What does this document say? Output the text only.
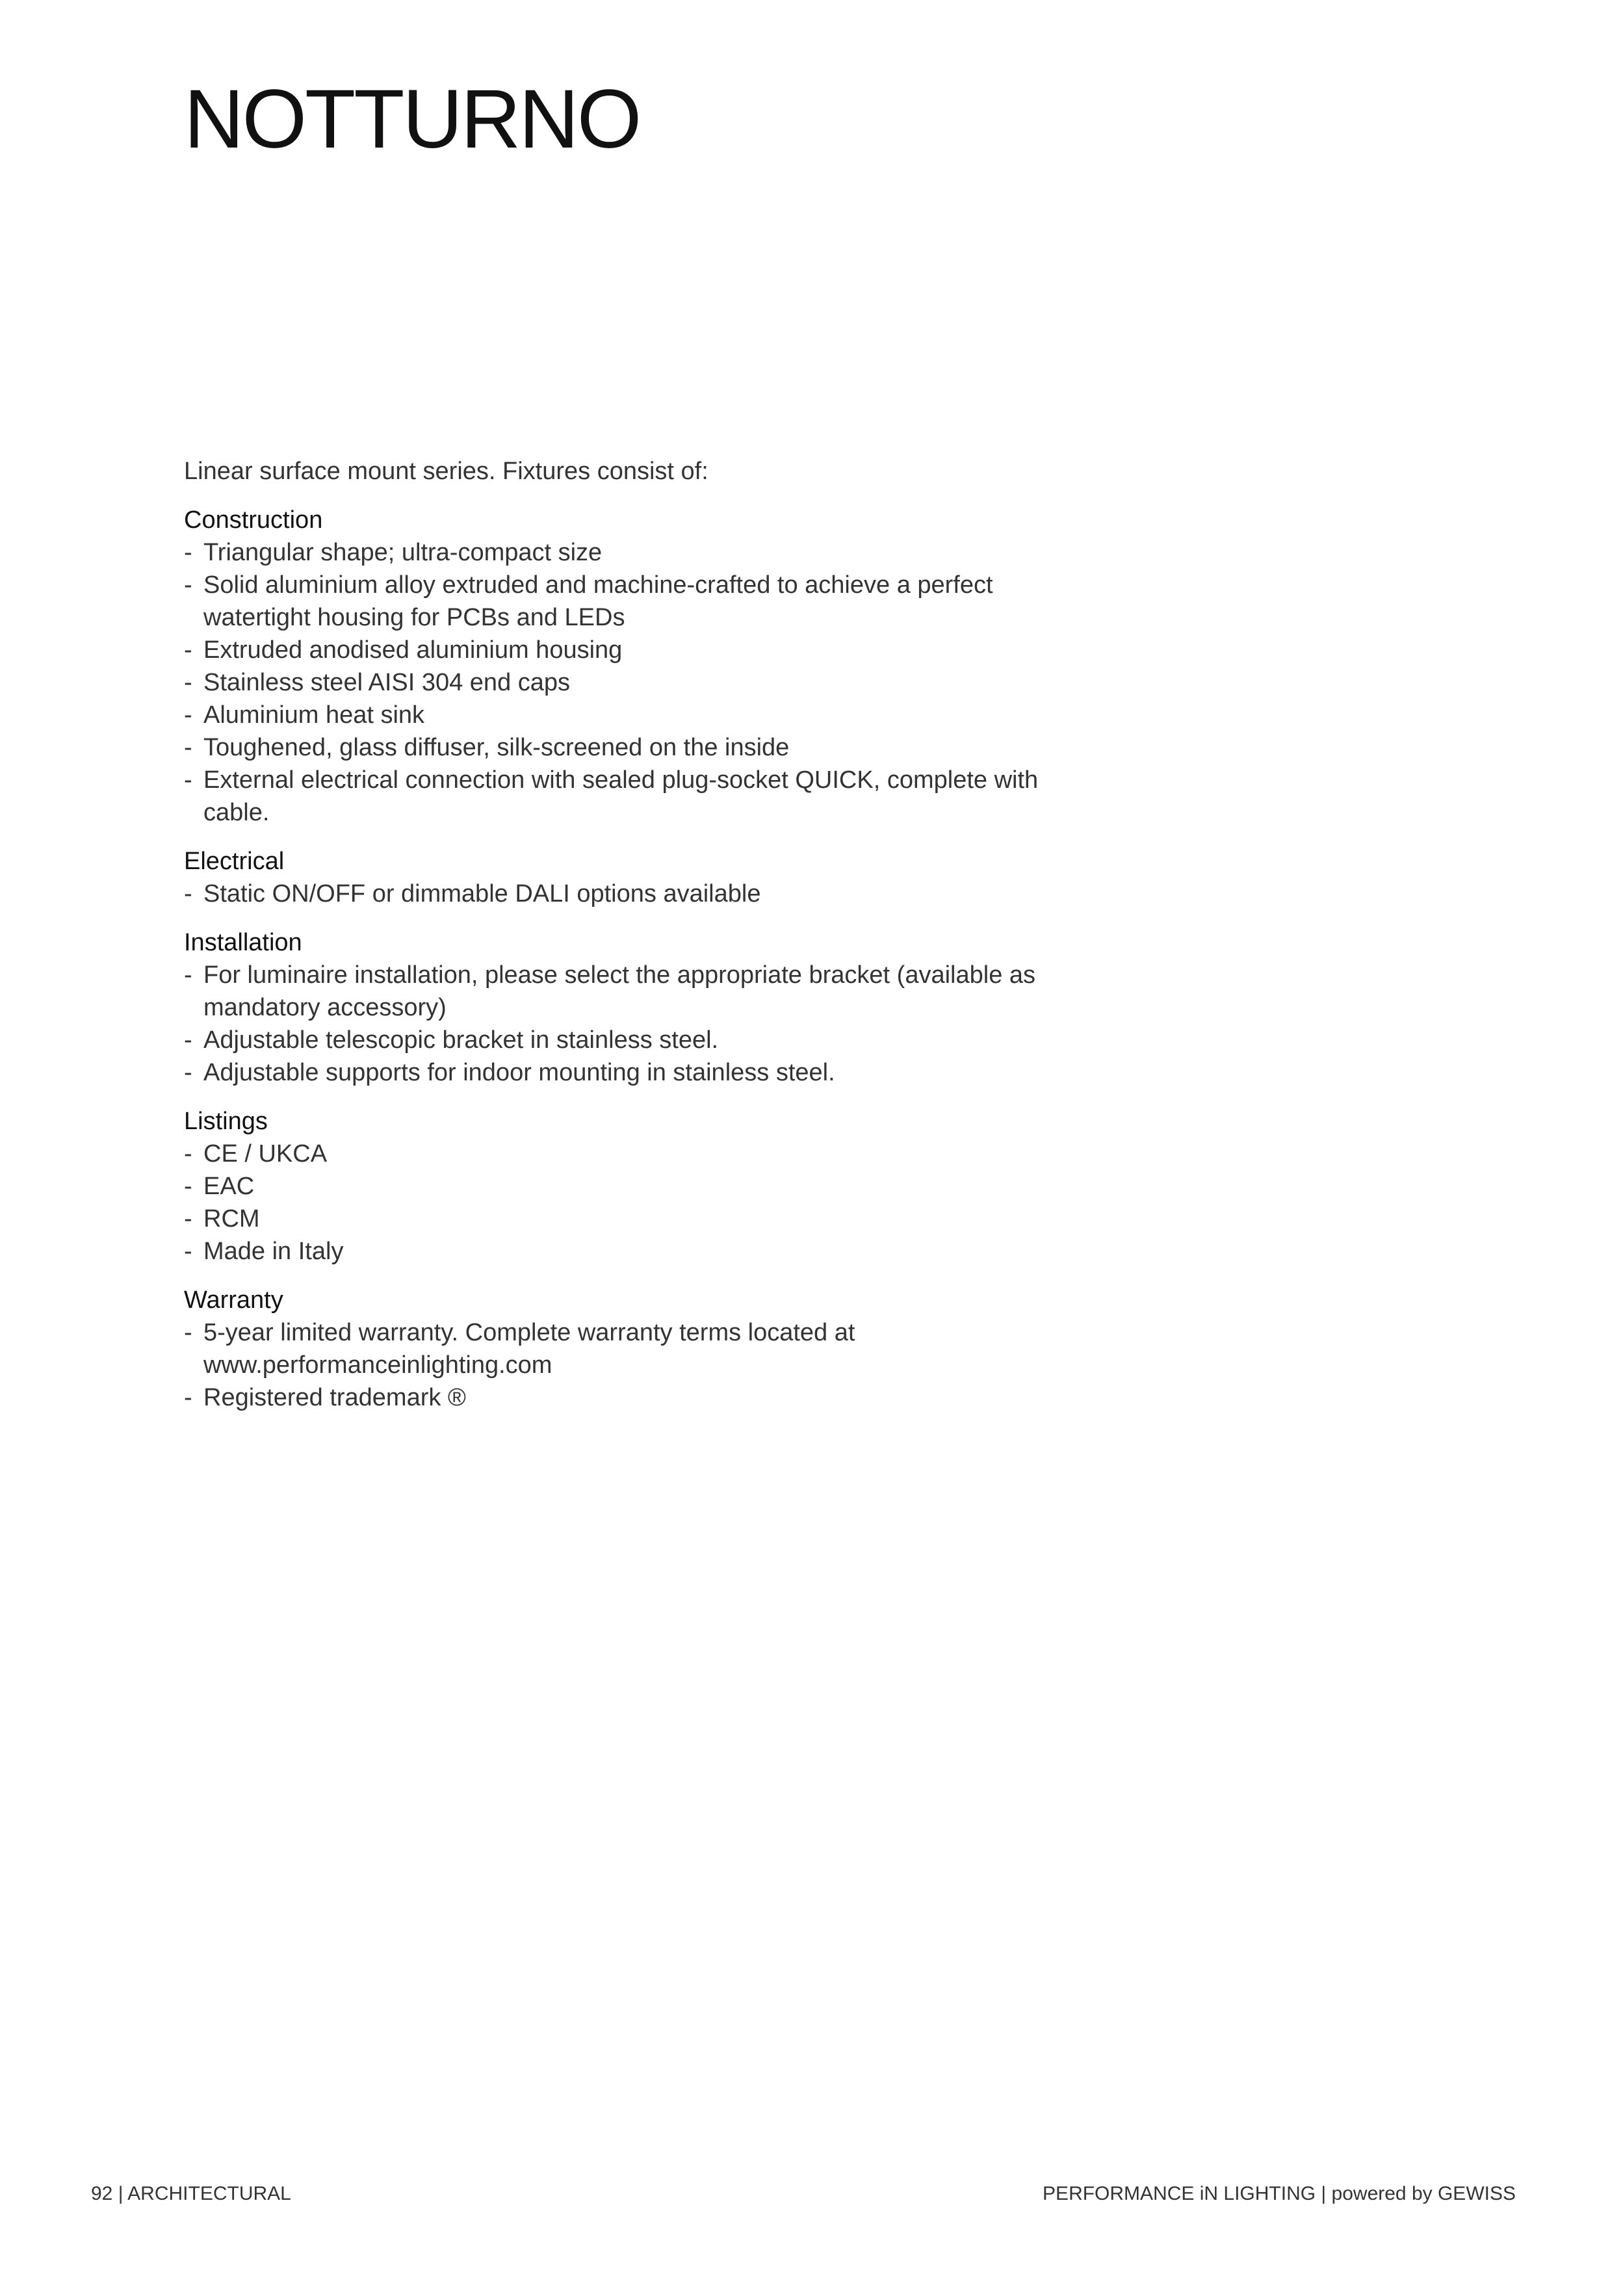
NOTTURNO

Linear surface mount series. Fixtures consist of:

Construction

- Triangular shape; ultra-compact size
- Solid aluminium alloy extruded and machine-crafted to achieve a perfect watertight housing for PCBs and LEDs
- Extruded anodised aluminium housing
- Stainless steel AISI 304 end caps
- Aluminium heat sink
- Toughened, glass diffuser, silk-screened on the inside
- External electrical connection with sealed plug-socket QUICK, complete with cable.

Electrical

- Static ON/OFF or dimmable DALI options available

Installation

- For luminaire installation, please select the appropriate bracket (available as mandatory accessory)
- Adjustable telescopic bracket in stainless steel.
- Adjustable supports for indoor mounting in stainless steel.

Listings

- CE / UKCA
- EAC
- RCM
- Made in Italy

Warranty

- 5-year limited warranty. Complete warranty terms located at www.performanceinlighting.com
- Registered trademark ®
92 | ARCHITECTURAL	PERFORMANCE iN LIGHTING | powered by GEWISS
